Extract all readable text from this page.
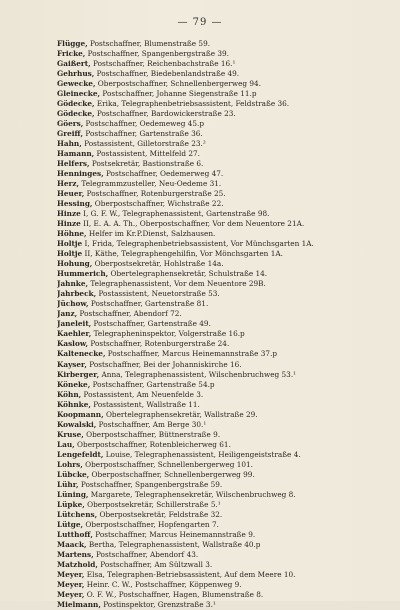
— 79 —
Flügge, Postschaffner, Blumenstraße 59.
Fricke, Postschaffner, Spangenbergstraße 39.
Gaißert, Postschaffner, Reichenbachstraße 16.¹
Gehrhus, Postschaffner, Biedebenlandstraße 49.
Gewecke, Oberpostschaffner, Schnellenbergerweg 94.
Gleinecke, Postschaffner, Johanne Siegenstraße 11.p
Gödecke, Erika, Telegraphenbetriebsassistent, Feldstraße 36.
Gödecke, Postschaffner, Bardowickerstraße 23.
Göers, Postschaffner, Oedemeweg 45.p
Greiff, Postschaffner, Gartenstraße 36.
Hahn, Postassistent, Gilletorstraße 23.²
Hamann, Postassistent, Mittelfeld 27.
Helfers, Postsekretär, Bastionstraße 6.
Henninges, Postschaffner, Oedemerweg 47.
Herz, Telegrammzusteller, Neu-Oedeme 31.
Heuer, Postschaffner, Rotenburgerstraße 25.
Hessing, Oberpostschaffner, Wichstraße 22.
Hinze I, G. F. W., Telegraphenassistent, Gartenstraße 98.
Hinze II, E. A. A. Th., Oberpostschaffner, Vor dem Neuentore 21A.
Höhne, Helfer im Kr.P.Dienst, Salzhausen.
Holtje I, Frida, Telegraphenbetriebsassistent, Vor Münchsgarten 1A.
Holtje II, Käthe, Telegraphengehilfin, Vor Mönchsgarten 1A.
Hohung, Oberpostsekretär, Hohlstraße 14a.
Hummerich, Obertelegraphensekretär, Schulstraße 14.
Jahnke, Telegraphenassistent, Vor dem Neuentore 29B.
Jahrbeck, Postassistent, Neuetorstraße 53.
Jüchow, Postschaffner, Gartenstraße 81.
Janz, Postschaffner, Abendorf 72.
Janeleit, Postschaffner, Gartenstraße 49.
Kaehler, Telegrapheninspektor, Volgerstraße 16.p
Kaslow, Postschaffner, Rotenburgerstraße 24.
Kaltenecke, Postschaffner, Marcus Heinemannstraße 37.p
Kayser, Postschaffner, Bei der Johanniskirche 16.
Kirberger, Anna, Telegraphenassistent, Wilschenbruchweg 53.¹
Köneke, Postschaffner, Gartenstraße 54.p
Köhn, Postassistent, Am Neuenfelde 3.
Köhnke, Postassistent, Wallstraße 11.
Koopmann, Obertelegraphensekretär, Wallstraße 29.
Kowalski, Postschaffner, Am Berge 30.¹
Kruse, Oberpostschaffner, Büttnerstraße 9.
Lau, Oberpostschaffner, Rotenbleicherweg 61.
Lengefeldt, Louise, Telegraphenassistent, Heiligengeiststraße 4.
Lohrs, Oberpostschaffner, Schnellenbergerweg 101.
Lübcke, Oberpostschaffner, Schnellenbergerweg 99.
Lühr, Postschaffner, Spangenbergstraße 59.
Lüning, Margarete, Telegraphensekretär, Wilschenbruchweg 8.
Lüpke, Oberpostsekretär, Schillerstraße 5.¹
Lütchens, Oberpostsekretär, Feldstraße 32.
Lütge, Oberpostschaffner, Hopfengarten 7.
Lutthoff, Postschaffner, Marcus Heinemannstraße 9.
Maack, Bertha, Telegraphenassistent, Wallstraße 40.p
Martens, Postschaffner, Abendorf 43.
Matzhold, Postschaffner, Am Sültzwall 3.
Meyer, Elsa, Telegraphen-Betriebsassistent, Auf dem Meere 10.
Meyer, Heinr. C. W., Postschaffner, Köppenweg 9.
Meyer, O. F. W., Postschaffner, Hagen, Blumenstraße 8.
Mielmann, Postinspektor, Grenzstraße 3.¹
